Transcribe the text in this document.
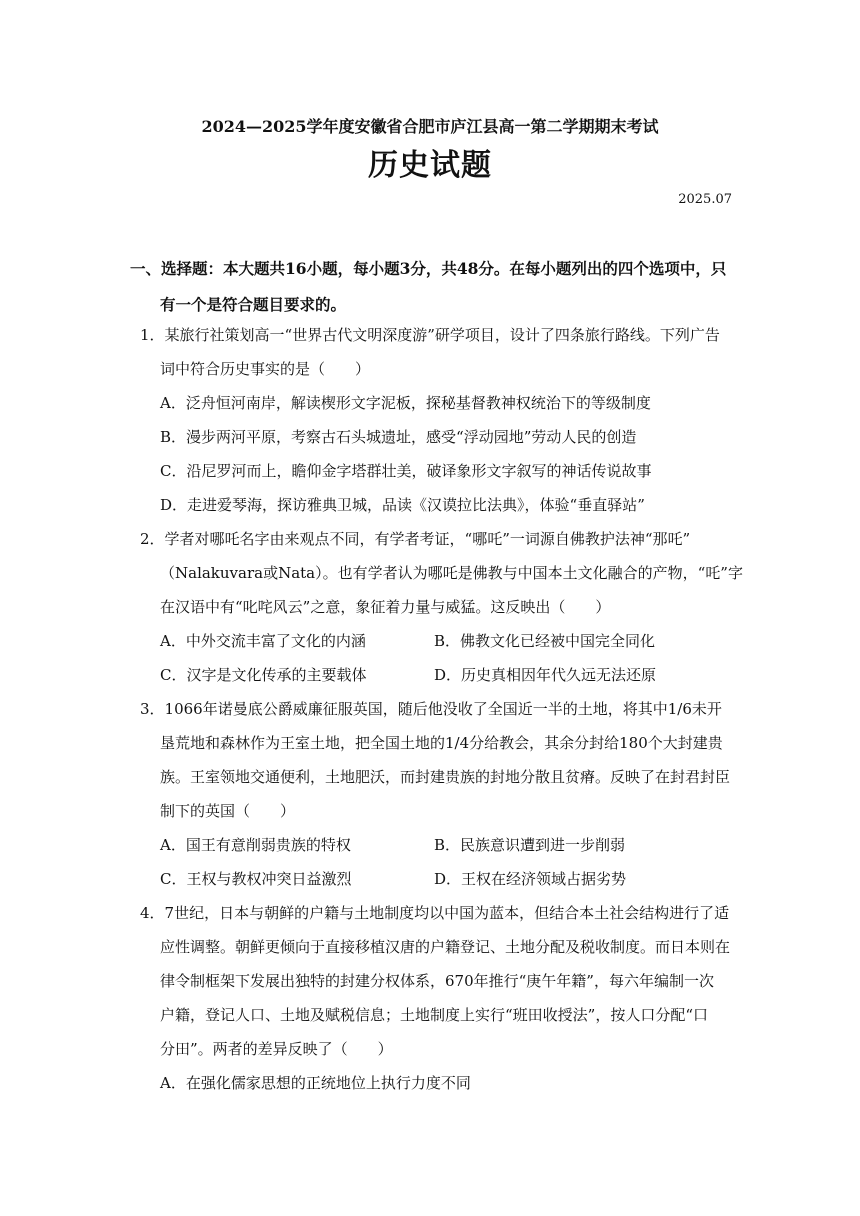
2024—2025学年度安徽省合肥市庐江县高一第二学期期末考试
历史试题
2025.07
一、选择题：本大题共16小题，每小题3分，共48分。在每小题列出的四个选项中，只
有一个是符合题目要求的。
1．某旅行社策划高一“世界古代文明深度游”研学项目，设计了四条旅行路线。下列广告
词中符合历史事实的是（　　）
A．泛舟恒河南岸，解读楔形文字泥板，探秘基督教神权统治下的等级制度
B．漫步两河平原，考察古石头城遗址，感受“浮动园地”劳动人民的创造
C．沿尼罗河而上，瞻仰金字塔群壮美，破译象形文字叙写的神话传说故事
D．走进爱琴海，探访雅典卫城，品读《汉谟拉比法典》，体验“垂直驿站”
2．学者对哪吒名字由来观点不同，有学者考证，“哪吒”一词源自佛教护法神“那吒”
（Nalakuvara或Nata）。也有学者认为哪吒是佛教与中国本土文化融合的产物，“吒”字
在汉语中有“叱咤风云”之意，象征着力量与威猛。这反映出（　　）
A．中外交流丰富了文化的内涵	B．佛教文化已经被中国完全同化
C．汉字是文化传承的主要载体	D．历史真相因年代久远无法还原
3．1066年诺曼底公爵威廉征服英国，随后他没收了全国近一半的土地，将其中1/6未开
垦荒地和森林作为王室土地，把全国土地的1/4分给教会，其余分封给180个大封建贵
族。王室领地交通便利，土地肥沃，而封建贵族的封地分散且贫瘠。反映了在封君封臣
制下的英国（　　）
A．国王有意削弱贵族的特权	B．民族意识遭到进一步削弱
C．王权与教权冲突日益激烈	D．王权在经济领域占据劣势
4．7世纪，日本与朝鲜的户籍与土地制度均以中国为蓝本，但结合本土社会结构进行了适
应性调整。朝鲜更倾向于直接移植汉唐的户籍登记、土地分配及税收制度。而日本则在
律令制框架下发展出独特的封建分权体系，670年推行“庚午年籍”，每六年编制一次
户籍，登记人口、土地及赋税信息；土地制度上实行“班田收授法”，按人口分配“口
分田”。两者的差异反映了（　　）
A．在强化儒家思想的正统地位上执行力度不同
